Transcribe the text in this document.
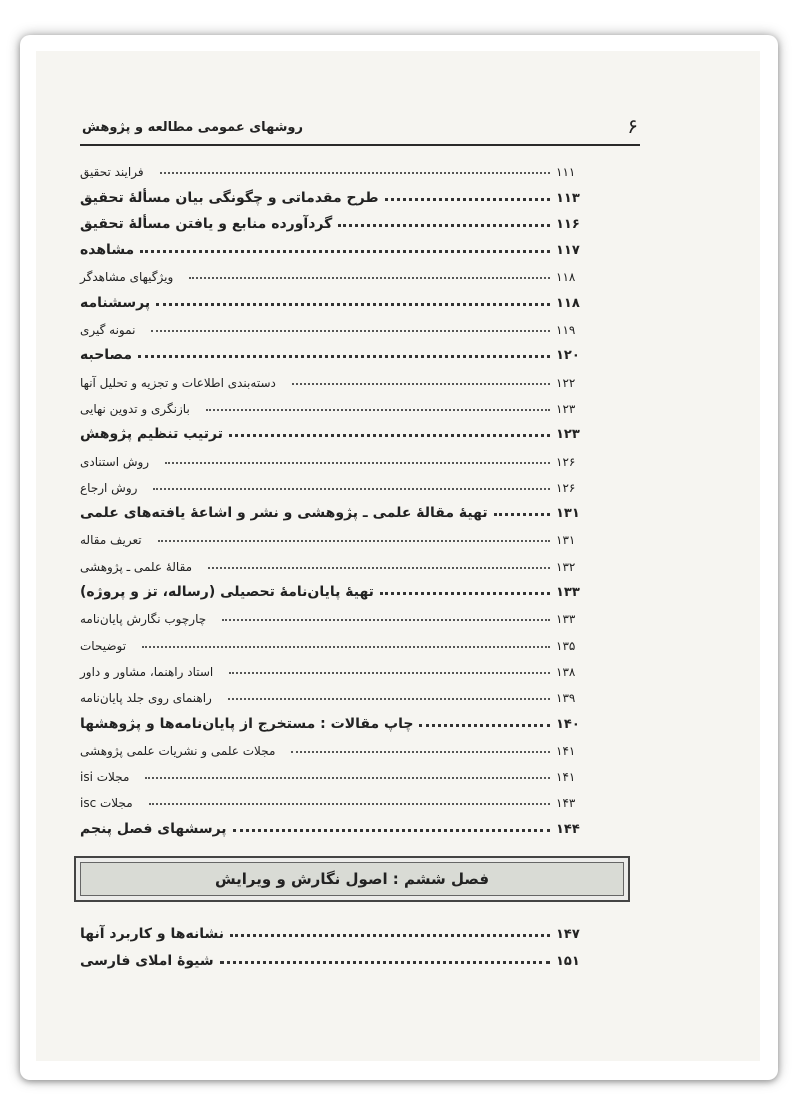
۶
روشهای عمومی مطالعه و پژوهش
فرایند تحقیق	۱۱۱
طرح مقدماتی و چگونگی بیان مسألهٔ تحقیق	۱۱۳
گردآورده منابع و یافتن مسألهٔ تحقیق	۱۱۶
مشاهده	۱۱۷
ویژگیهای مشاهدگر	۱۱۸
پرسشنامه	۱۱۸
نمونه گیری	۱۱۹
مصاحبه	۱۲۰
دسته‌بندی اطلاعات و تجزیه و تحلیل آنها	۱۲۲
بازنگری و تدوین نهایی	۱۲۳
ترتیب تنظیم پژوهش	۱۲۳
روش استنادی	۱۲۶
روش ارجاع	۱۲۶
تهیهٔ مقالهٔ علمی ـ پژوهشی و نشر و اشاعهٔ یافته‌های علمی	۱۳۱
تعریف مقاله	۱۳۱
مقالهٔ علمی ـ پژوهشی	۱۳۲
تهیهٔ پایان‌نامهٔ تحصیلی (رساله، تز و پروژه)	۱۳۳
چارچوب نگارش پایان‌نامه	۱۳۳
توضیحات	۱۳۵
استاد راهنما، مشاور و داور	۱۳۸
راهنمای روی جلد پایان‌نامه	۱۳۹
چاپ مقالات : مستخرج از پایان‌نامه‌ها و پژوهشها	۱۴۰
مجلات علمی و نشریات علمی پژوهشی	۱۴۱
مجلات isi	۱۴۱
مجلات isc	۱۴۳
پرسشهای فصل پنجم	۱۴۴
فصل ششم : اصول نگارش و ویرایش
نشانه‌ها و کاربرد آنها	۱۴۷
شیوهٔ املای فارسی	۱۵۱
